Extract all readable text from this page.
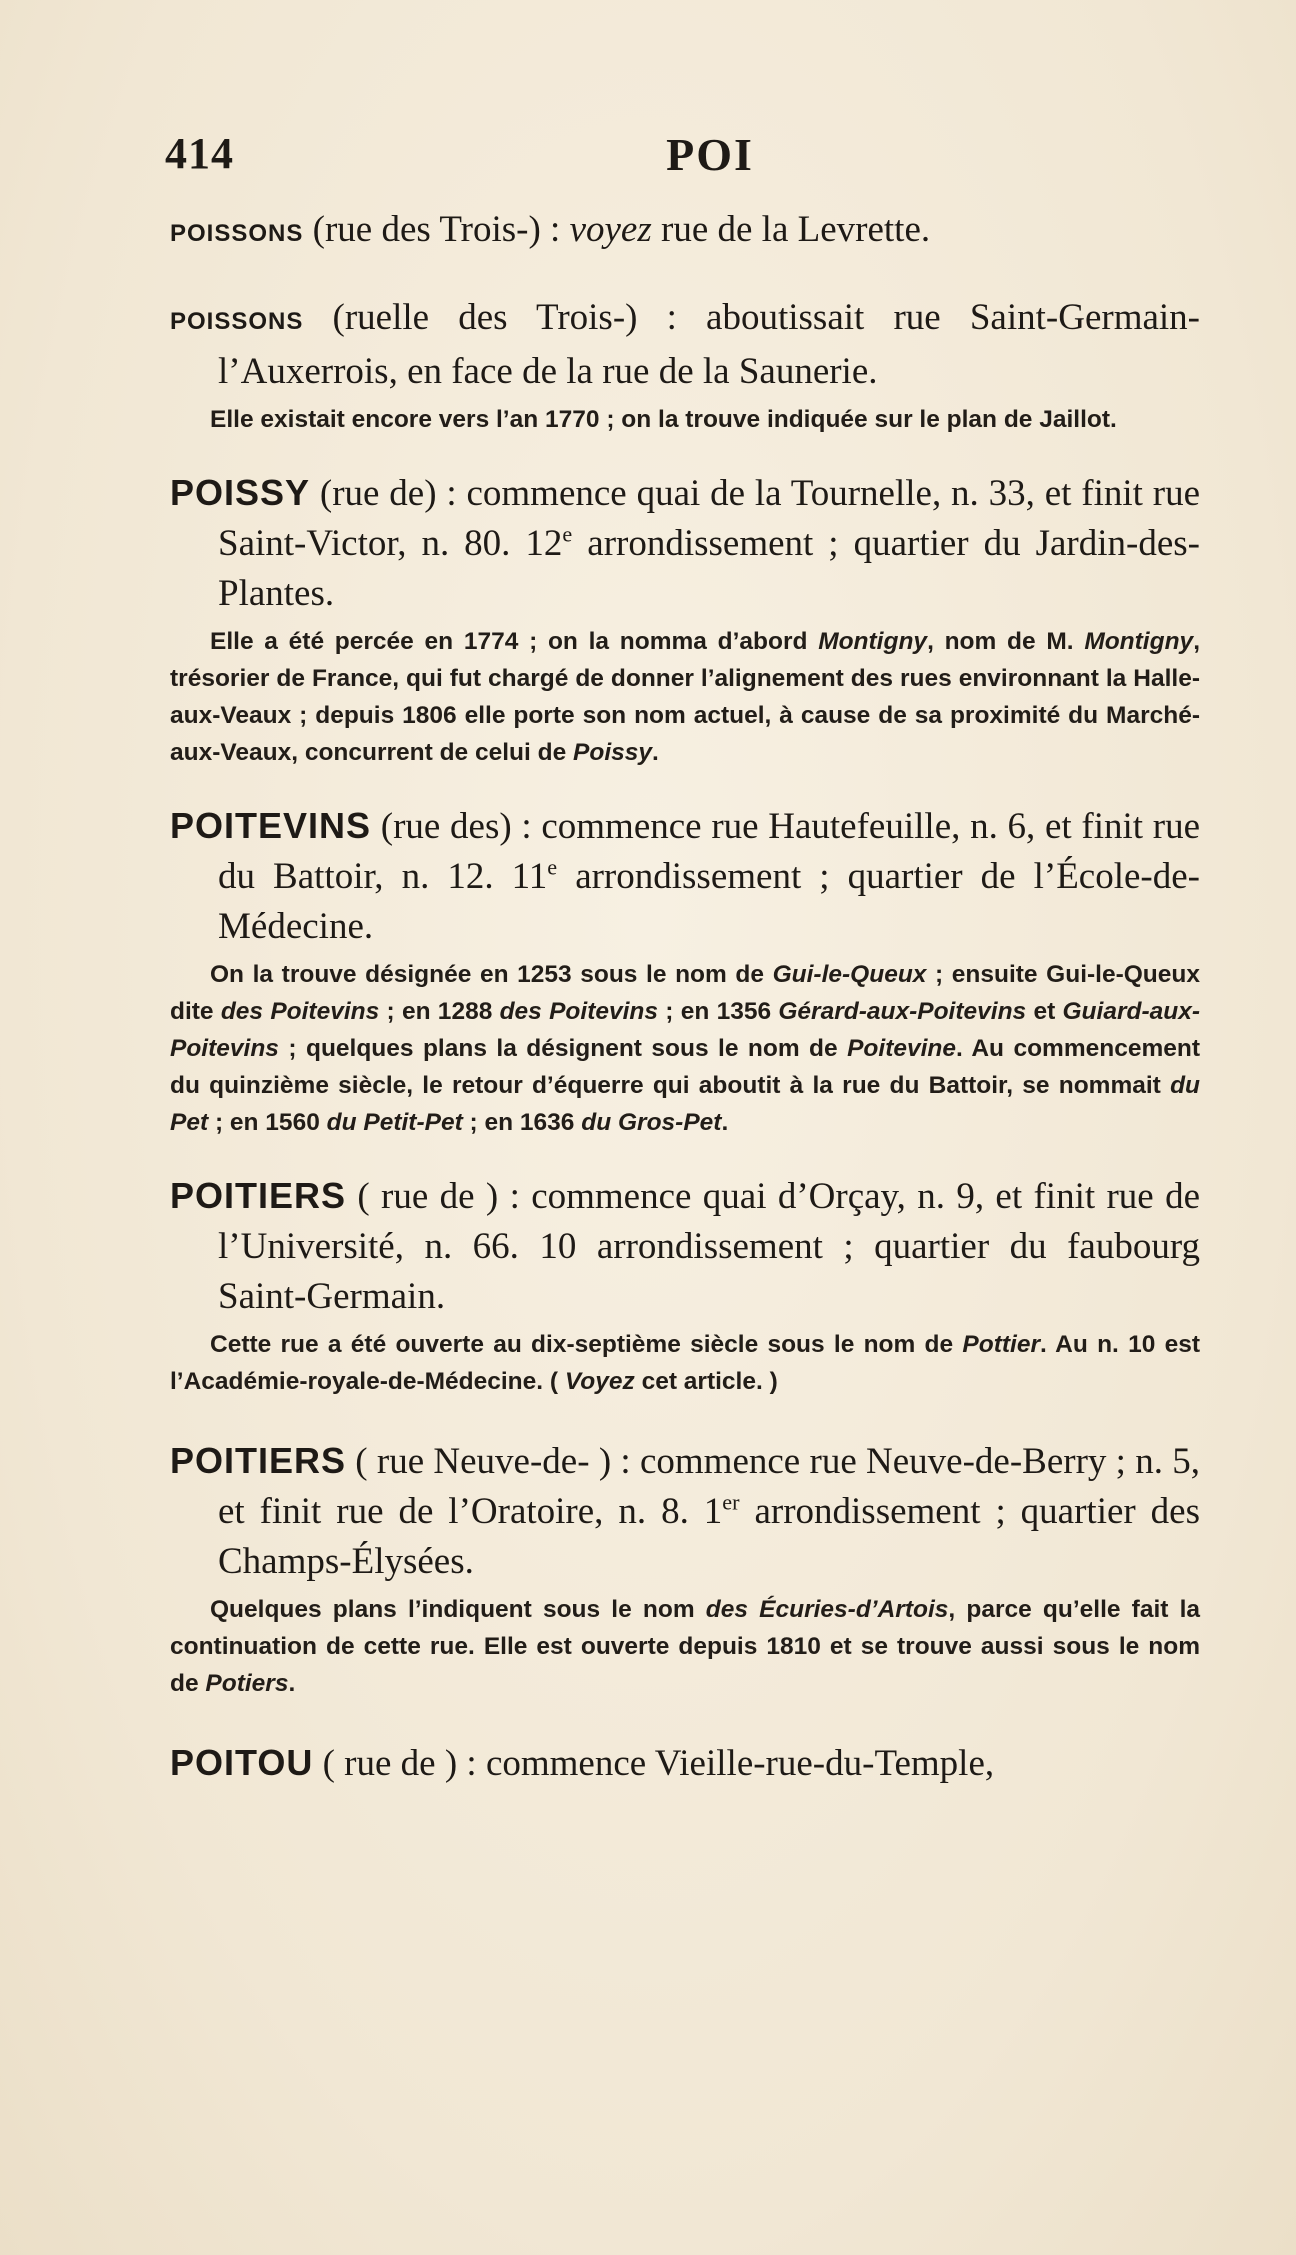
414	POI

POISSONS (rue des Trois-) : voyez rue de la Levrette.

POISSONS (ruelle des Trois-) : aboutissait rue Saint-Germain-l’Auxerrois, en face de la rue de la Saunerie.

Elle existait encore vers l’an 1770 ; on la trouve indiquée sur le plan de Jaillot.

POISSY (rue de) : commence quai de la Tournelle, n. 33, et finit rue Saint-Victor, n. 80. 12e arrondissement ; quartier du Jardin-des-Plantes.

Elle a été percée en 1774 ; on la nomma d’abord Montigny, nom de M. Montigny, trésorier de France, qui fut chargé de donner l’alignement des rues environnant la Halle-aux-Veaux ; depuis 1806 elle porte son nom actuel, à cause de sa proximité du Marché-aux-Veaux, concurrent de celui de Poissy.

POITEVINS (rue des) : commence rue Hautefeuille, n. 6, et finit rue du Battoir, n. 12. 11e arrondissement ; quartier de l’École-de-Médecine.

On la trouve désignée en 1253 sous le nom de Gui-le-Queux ; ensuite Gui-le-Queux dite des Poitevins ; en 1288 des Poitevins ; en 1356 Gérard-aux-Poitevins et Guiard-aux-Poitevins ; quelques plans la désignent sous le nom de Poitevine. Au commencement du quinzième siècle, le retour d’équerre qui aboutit à la rue du Battoir, se nommait du Pet ; en 1560 du Petit-Pet ; en 1636 du Gros-Pet.

POITIERS ( rue de ) : commence quai d’Orçay, n. 9, et finit rue de l’Université, n. 66. 10 arrondissement ; quartier du faubourg Saint-Germain.

Cette rue a été ouverte au dix-septième siècle sous le nom de Pottier. Au n. 10 est l’Académie-royale-de-Médecine. ( Voyez cet article. )

POITIERS ( rue Neuve-de- ) : commence rue Neuve-de-Berry ; n. 5, et finit rue de l’Oratoire, n. 8. 1er arrondissement ; quartier des Champs-Élysées.

Quelques plans l’indiquent sous le nom des Écuries-d’Artois, parce qu’elle fait la continuation de cette rue. Elle est ouverte depuis 1810 et se trouve aussi sous le nom de Potiers.

POITOU ( rue de ) : commence Vieille-rue-du-Temple,
